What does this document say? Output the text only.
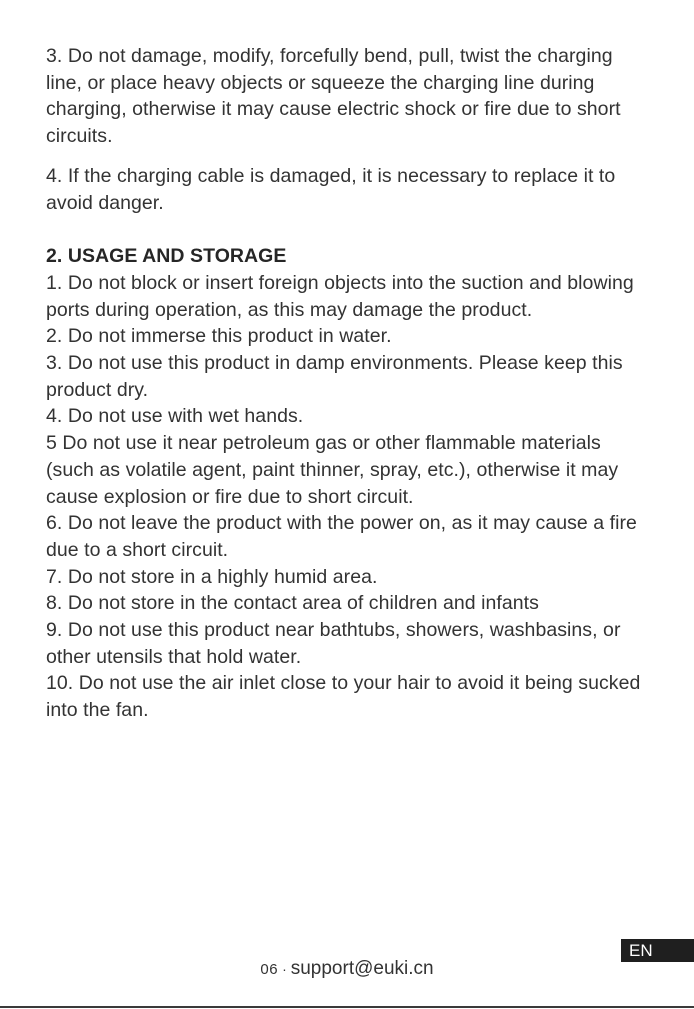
3. Do not damage, modify, forcefully bend, pull, twist the charging line, or place heavy objects or squeeze the charging line during charging, otherwise it may cause electric shock or fire due to short circuits.

4. If the charging cable is damaged, it is necessary to replace it to avoid danger.

2. USAGE AND STORAGE

1. Do not block or insert foreign objects into the suction and blowing ports during operation, as this may damage the product.

2. Do not immerse this product in water.

3. Do not use this product in damp environments. Please keep this product dry.

4. Do not use with wet hands.

5 Do not use it near petroleum gas or other flammable materials (such as volatile agent, paint thinner, spray, etc.), otherwise it may cause explosion or fire due to short circuit.

6. Do not leave the product with the power on, as it may cause a fire due to a short circuit.

7. Do not store in a highly humid area.

8. Do not store in the contact area of children and infants

9. Do not use this product near bathtubs, showers, washbasins, or other utensils that hold water.

10. Do not use the air inlet close to your hair to avoid it being sucked into the fan.

EN
06 · support@euki.cn
